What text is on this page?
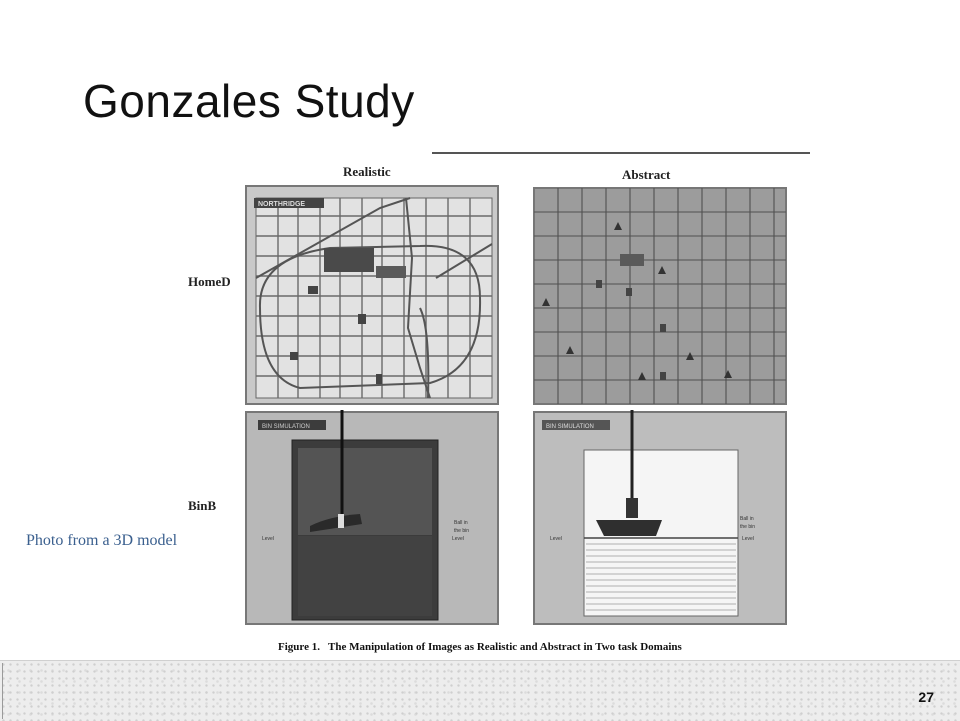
Gonzales Study
Realistic	Abstract
HomeD
BinB
NORTHRIDGE
BIN SIMULATION
Ball in
the bin
Level	Level
BIN SIMULATION
Ball in
the bin
Level	Level
Figure 1.   The Manipulation of Images as Realistic and Abstract in Two task Domains
Photo from a 3D model
27
